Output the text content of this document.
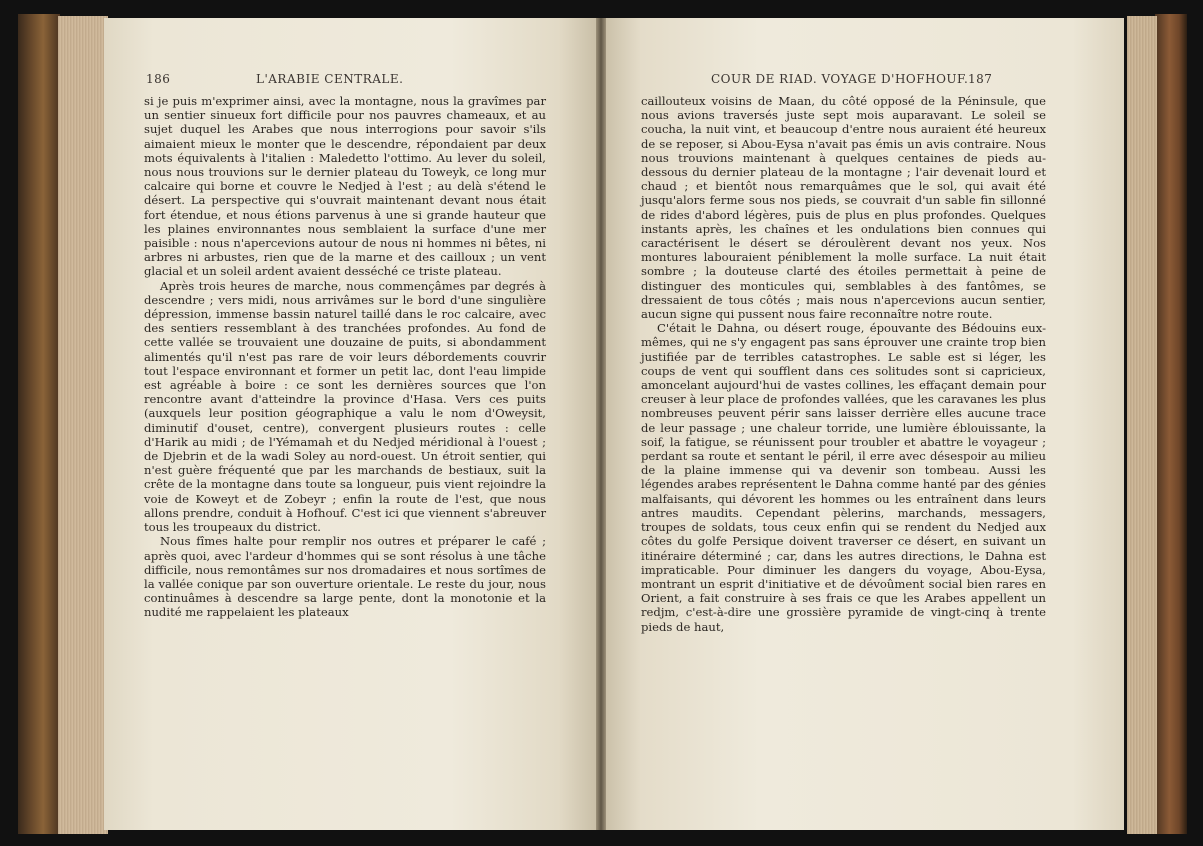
186	L'ARABIE CENTRALE.	COUR DE RIAD. VOYAGE D'HOFHOUF. 187

si je puis m'exprimer ainsi, avec la montagne, nous la gravîmes par un sentier sinueux fort difficile pour nos pauvres chameaux, et au sujet duquel les Arabes que nous interrogions pour savoir s'ils aimaient mieux le monter que le descendre, répondaient par deux mots équivalents à l'italien : Maledetto l'ottimo. Au lever du soleil, nous nous trouvions sur le dernier plateau du Toweyk, ce long mur calcaire qui borne et couvre le Nedjed à l'est ; au delà s'étend le désert. La perspective qui s'ouvrait maintenant devant nous était fort étendue, et nous étions parvenus à une si grande hauteur que les plaines environnantes nous semblaient la surface d'une mer paisible : nous n'apercevions autour de nous ni hommes ni bêtes, ni arbres ni arbustes, rien que de la marne et des cailloux ; un vent glacial et un soleil ardent avaient desséché ce triste plateau.

Après trois heures de marche, nous commençâmes par degrés à descendre ; vers midi, nous arrivâmes sur le bord d'une singulière dépression, immense bassin naturel taillé dans le roc calcaire, avec des sentiers ressemblant à des tranchées profondes. Au fond de cette vallée se trouvaient une douzaine de puits, si abondamment alimentés qu'il n'est pas rare de voir leurs débordements couvrir tout l'espace environnant et former un petit lac, dont l'eau limpide est agréable à boire : ce sont les dernières sources que l'on rencontre avant d'atteindre la province d'Hasa. Vers ces puits (auxquels leur position géographique a valu le nom d'Oweysit, diminutif d'ouset, centre), convergent plusieurs routes : celle d'Harik au midi ; de l'Yémamah et du Nedjed méridional à l'ouest ; de Djebrin et de la wadi Soley au nord-ouest. Un étroit sentier, qui n'est guère fréquenté que par les marchands de bestiaux, suit la crête de la montagne dans toute sa longueur, puis vient rejoindre la voie de Koweyt et de Zobeyr ; enfin la route de l'est, que nous allons prendre, conduit à Hofhouf. C'est ici que viennent s'abreuver tous les troupeaux du district.

Nous fîmes halte pour remplir nos outres et préparer le café ; après quoi, avec l'ardeur d'hommes qui se sont résolus à une tâche difficile, nous remontâmes sur nos dromadaires et nous sortîmes de la vallée conique par son ouverture orientale. Le reste du jour, nous continuâmes à descendre sa large pente, dont la monotonie et la nudité me rappelaient les plateaux

caillouteux voisins de Maan, du côté opposé de la Péninsule, que nous avions traversés juste sept mois auparavant. Le soleil se coucha, la nuit vint, et beaucoup d'entre nous auraient été heureux de se reposer, si Abou-Eysa n'avait pas émis un avis contraire. Nous nous trouvions maintenant à quelques centaines de pieds au-dessous du dernier plateau de la montagne ; l'air devenait lourd et chaud ; et bientôt nous remarquâmes que le sol, qui avait été jusqu'alors ferme sous nos pieds, se couvrait d'un sable fin sillonné de rides d'abord légères, puis de plus en plus profondes. Quelques instants après, les chaînes et les ondulations bien connues qui caractérisent le désert se déroulèrent devant nos yeux. Nos montures labouraient péniblement la molle surface. La nuit était sombre ; la douteuse clarté des étoiles permettait à peine de distinguer des monticules qui, semblables à des fantômes, se dressaient de tous côtés ; mais nous n'apercevions aucun sentier, aucun signe qui pussent nous faire reconnaître notre route.

C'était le Dahna, ou désert rouge, épouvante des Bédouins eux-mêmes, qui ne s'y engagent pas sans éprouver une crainte trop bien justifiée par de terribles catastrophes. Le sable est si léger, les coups de vent qui soufflent dans ces solitudes sont si capricieux, amoncelant aujourd'hui de vastes collines, les effaçant demain pour creuser à leur place de profondes vallées, que les caravanes les plus nombreuses peuvent périr sans laisser derrière elles aucune trace de leur passage ; une chaleur torride, une lumière éblouissante, la soif, la fatigue, se réunissent pour troubler et abattre le voyageur ; perdant sa route et sentant le péril, il erre avec désespoir au milieu de la plaine immense qui va devenir son tombeau. Aussi les légendes arabes représentent le Dahna comme hanté par des génies malfaisants, qui dévorent les hommes ou les entraînent dans leurs antres maudits. Cependant pèlerins, marchands, messagers, troupes de soldats, tous ceux enfin qui se rendent du Nedjed aux côtes du golfe Persique doivent traverser ce désert, en suivant un itinéraire déterminé ; car, dans les autres directions, le Dahna est impraticable. Pour diminuer les dangers du voyage, Abou-Eysa, montrant un esprit d'initiative et de dévoûment social bien rares en Orient, a fait construire à ses frais ce que les Arabes appellent un redjm, c'est-à-dire une grossière pyramide de vingt-cinq à trente pieds de haut,
